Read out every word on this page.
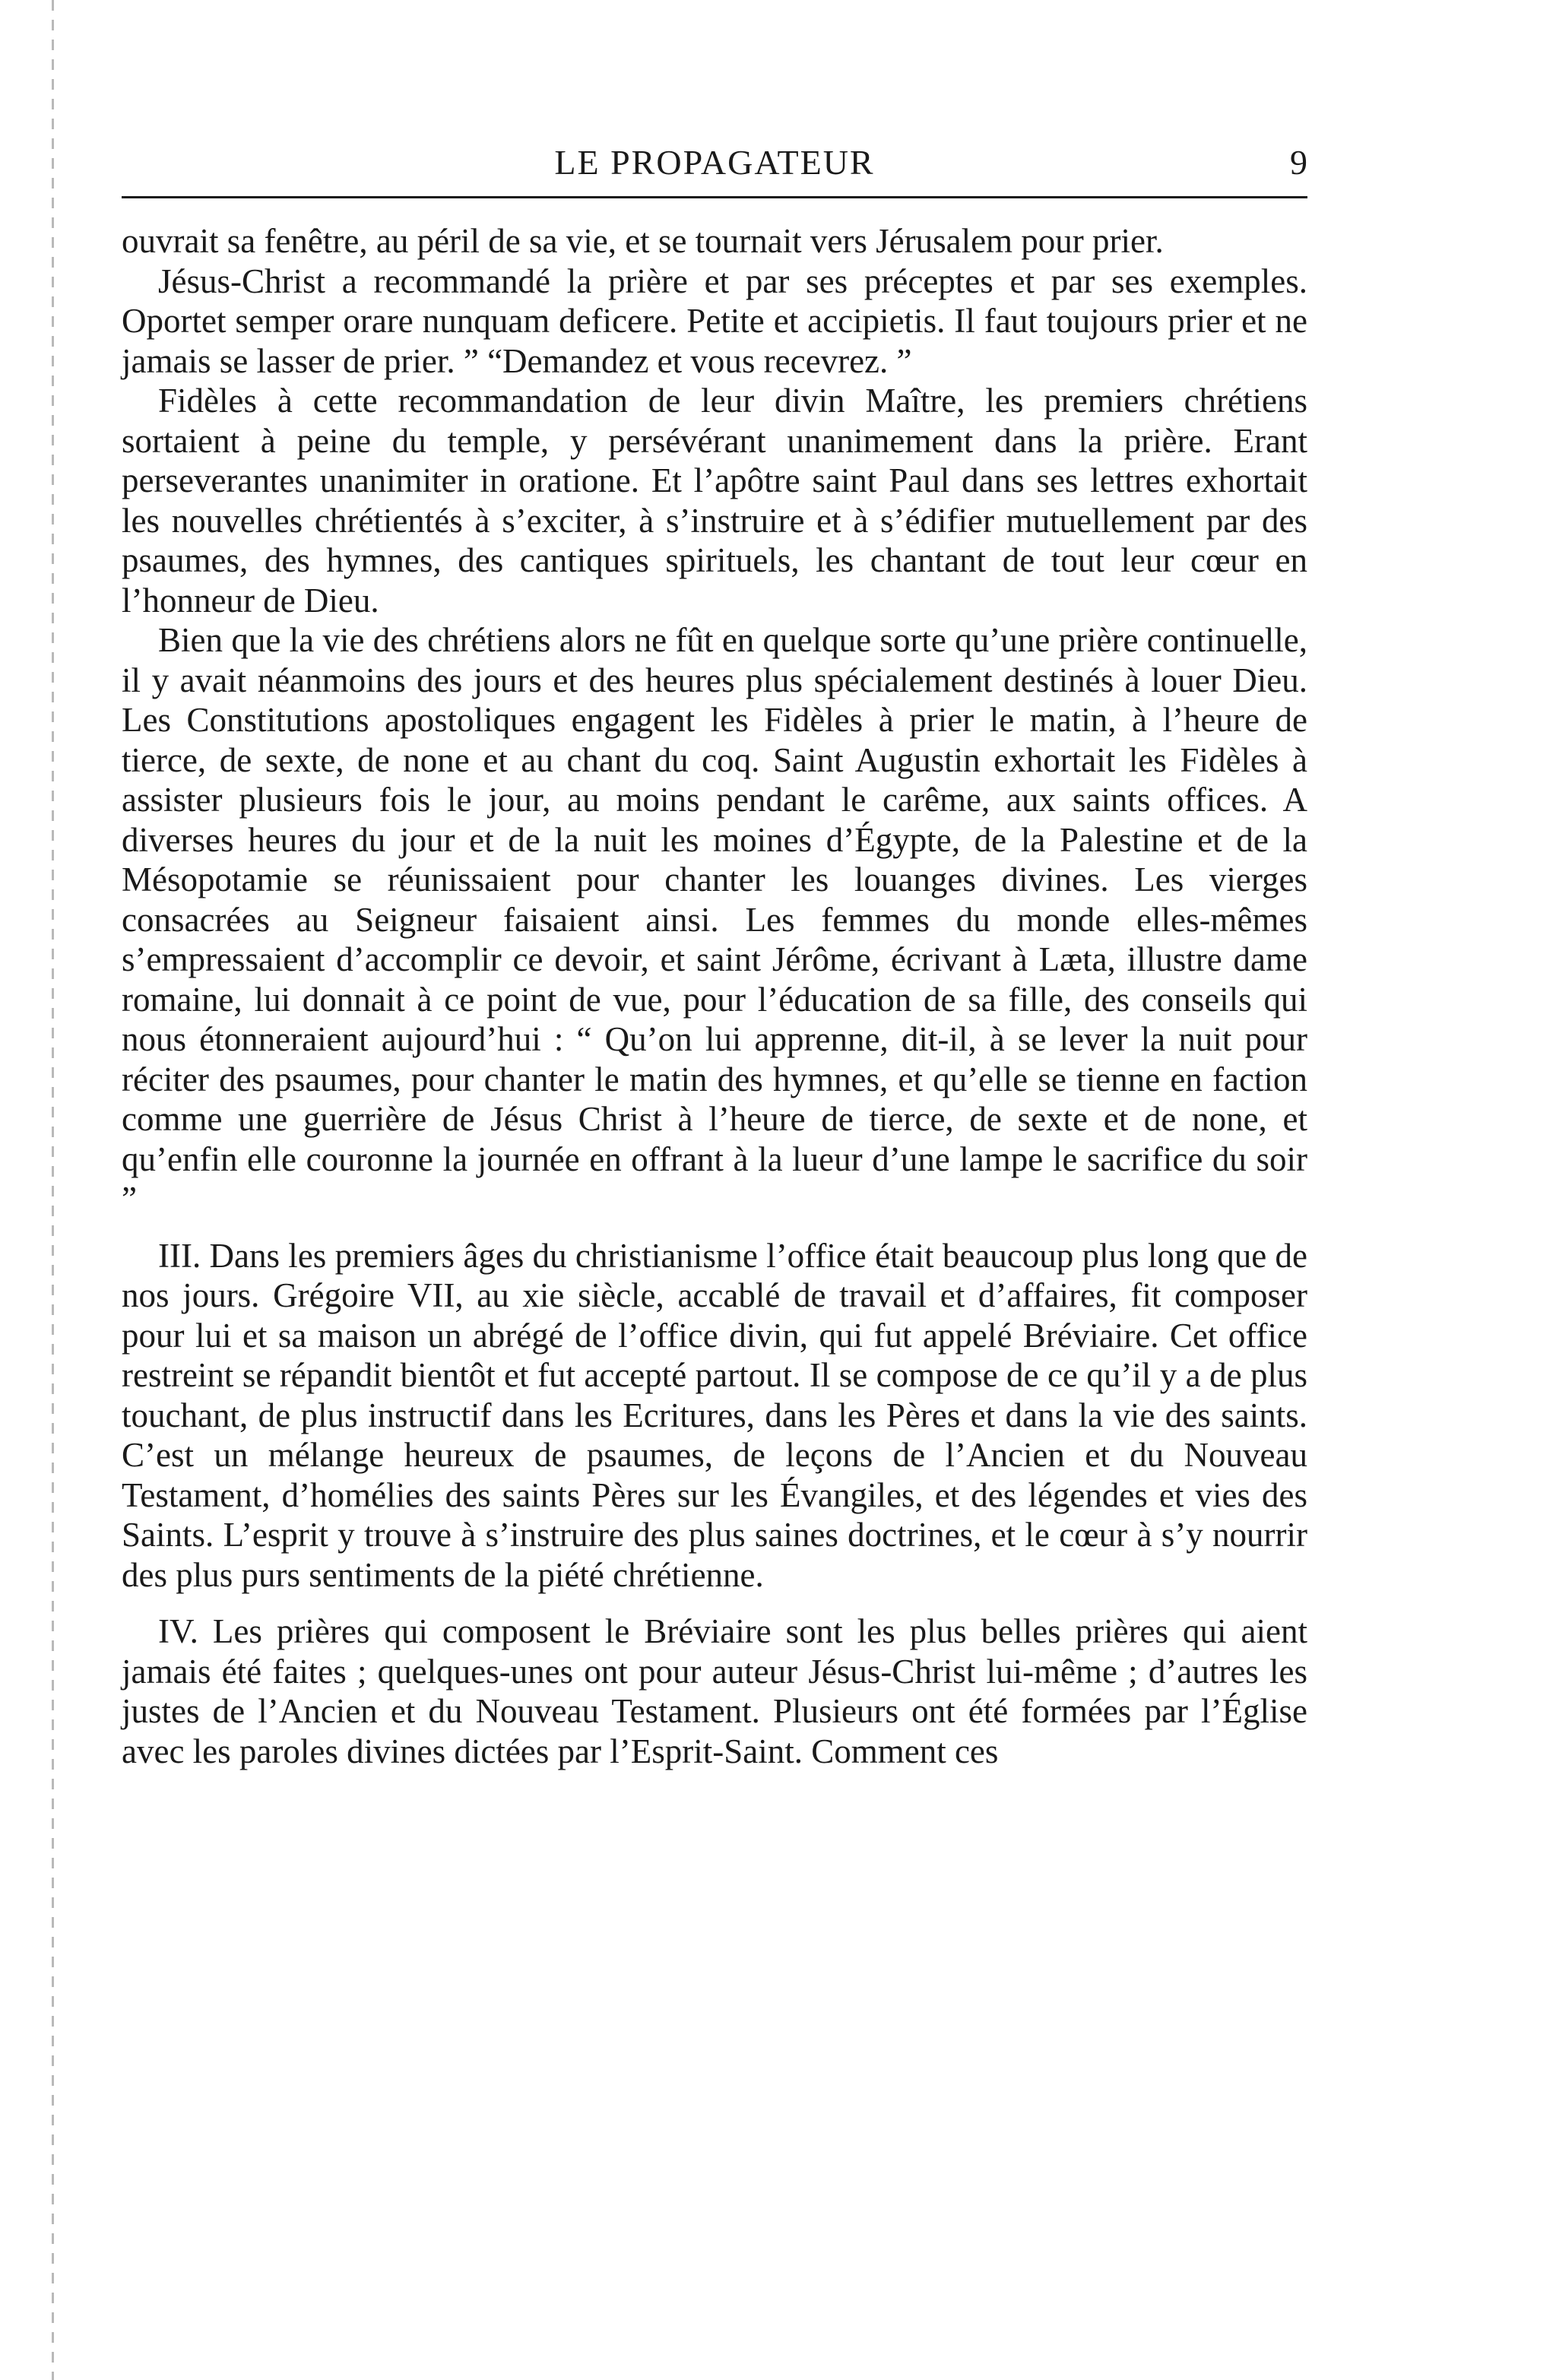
LE PROPAGATEUR	9

ouvrait sa fenêtre, au péril de sa vie, et se tournait vers Jérusalem pour prier.

Jésus-Christ a recommandé la prière et par ses préceptes et par ses exemples. Oportet semper orare nunquam deficere. Petite et accipietis. Il faut toujours prier et ne jamais se lasser de prier. ” “Demandez et vous recevrez. ”

Fidèles à cette recommandation de leur divin Maître, les premiers chrétiens sortaient à peine du temple, y persévérant unanimement dans la prière. Erant perseverantes unanimiter in oratione. Et l’apôtre saint Paul dans ses lettres exhortait les nouvelles chrétientés à s’exciter, à s’instruire et à s’édifier mutuellement par des psaumes, des hymnes, des cantiques spirituels, les chantant de tout leur cœur en l’honneur de Dieu.

Bien que la vie des chrétiens alors ne fût en quelque sorte qu’une prière continuelle, il y avait néanmoins des jours et des heures plus spécialement destinés à louer Dieu. Les Constitutions apostoliques engagent les Fidèles à prier le matin, à l’heure de tierce, de sexte, de none et au chant du coq. Saint Augustin exhortait les Fidèles à assister plusieurs fois le jour, au moins pendant le carême, aux saints offices. A diverses heures du jour et de la nuit les moines d’Égypte, de la Palestine et de la Mésopotamie se réunissaient pour chanter les louanges divines. Les vierges consacrées au Seigneur faisaient ainsi. Les femmes du monde elles-mêmes s’empressaient d’accomplir ce devoir, et saint Jérôme, écrivant à Læta, illustre dame romaine, lui donnait à ce point de vue, pour l’éducation de sa fille, des conseils qui nous étonneraient aujourd’hui : “ Qu’on lui apprenne, dit-il, à se lever la nuit pour réciter des psaumes, pour chanter le matin des hymnes, et qu’elle se tienne en faction comme une guerrière de Jésus Christ à l’heure de tierce, de sexte et de none, et qu’enfin elle couronne la journée en offrant à la lueur d’une lampe le sacrifice du soir ”

III. Dans les premiers âges du christianisme l’office était beaucoup plus long que de nos jours. Grégoire VII, au xie siècle, accablé de travail et d’affaires, fit composer pour lui et sa maison un abrégé de l’office divin, qui fut appelé Bréviaire. Cet office restreint se répandit bientôt et fut accepté partout. Il se compose de ce qu’il y a de plus touchant, de plus instructif dans les Ecritures, dans les Pères et dans la vie des saints. C’est un mélange heureux de psaumes, de leçons de l’Ancien et du Nouveau Testament, d’homélies des saints Pères sur les Évangiles, et des légendes et vies des Saints. L’esprit y trouve à s’instruire des plus saines doctrines, et le cœur à s’y nourrir des plus purs sentiments de la piété chrétienne.

IV. Les prières qui composent le Bréviaire sont les plus belles prières qui aient jamais été faites ; quelques-unes ont pour auteur Jésus-Christ lui-même ; d’autres les justes de l’Ancien et du Nouveau Testament. Plusieurs ont été formées par l’Église avec les paroles divines dictées par l’Esprit-Saint. Comment ces
